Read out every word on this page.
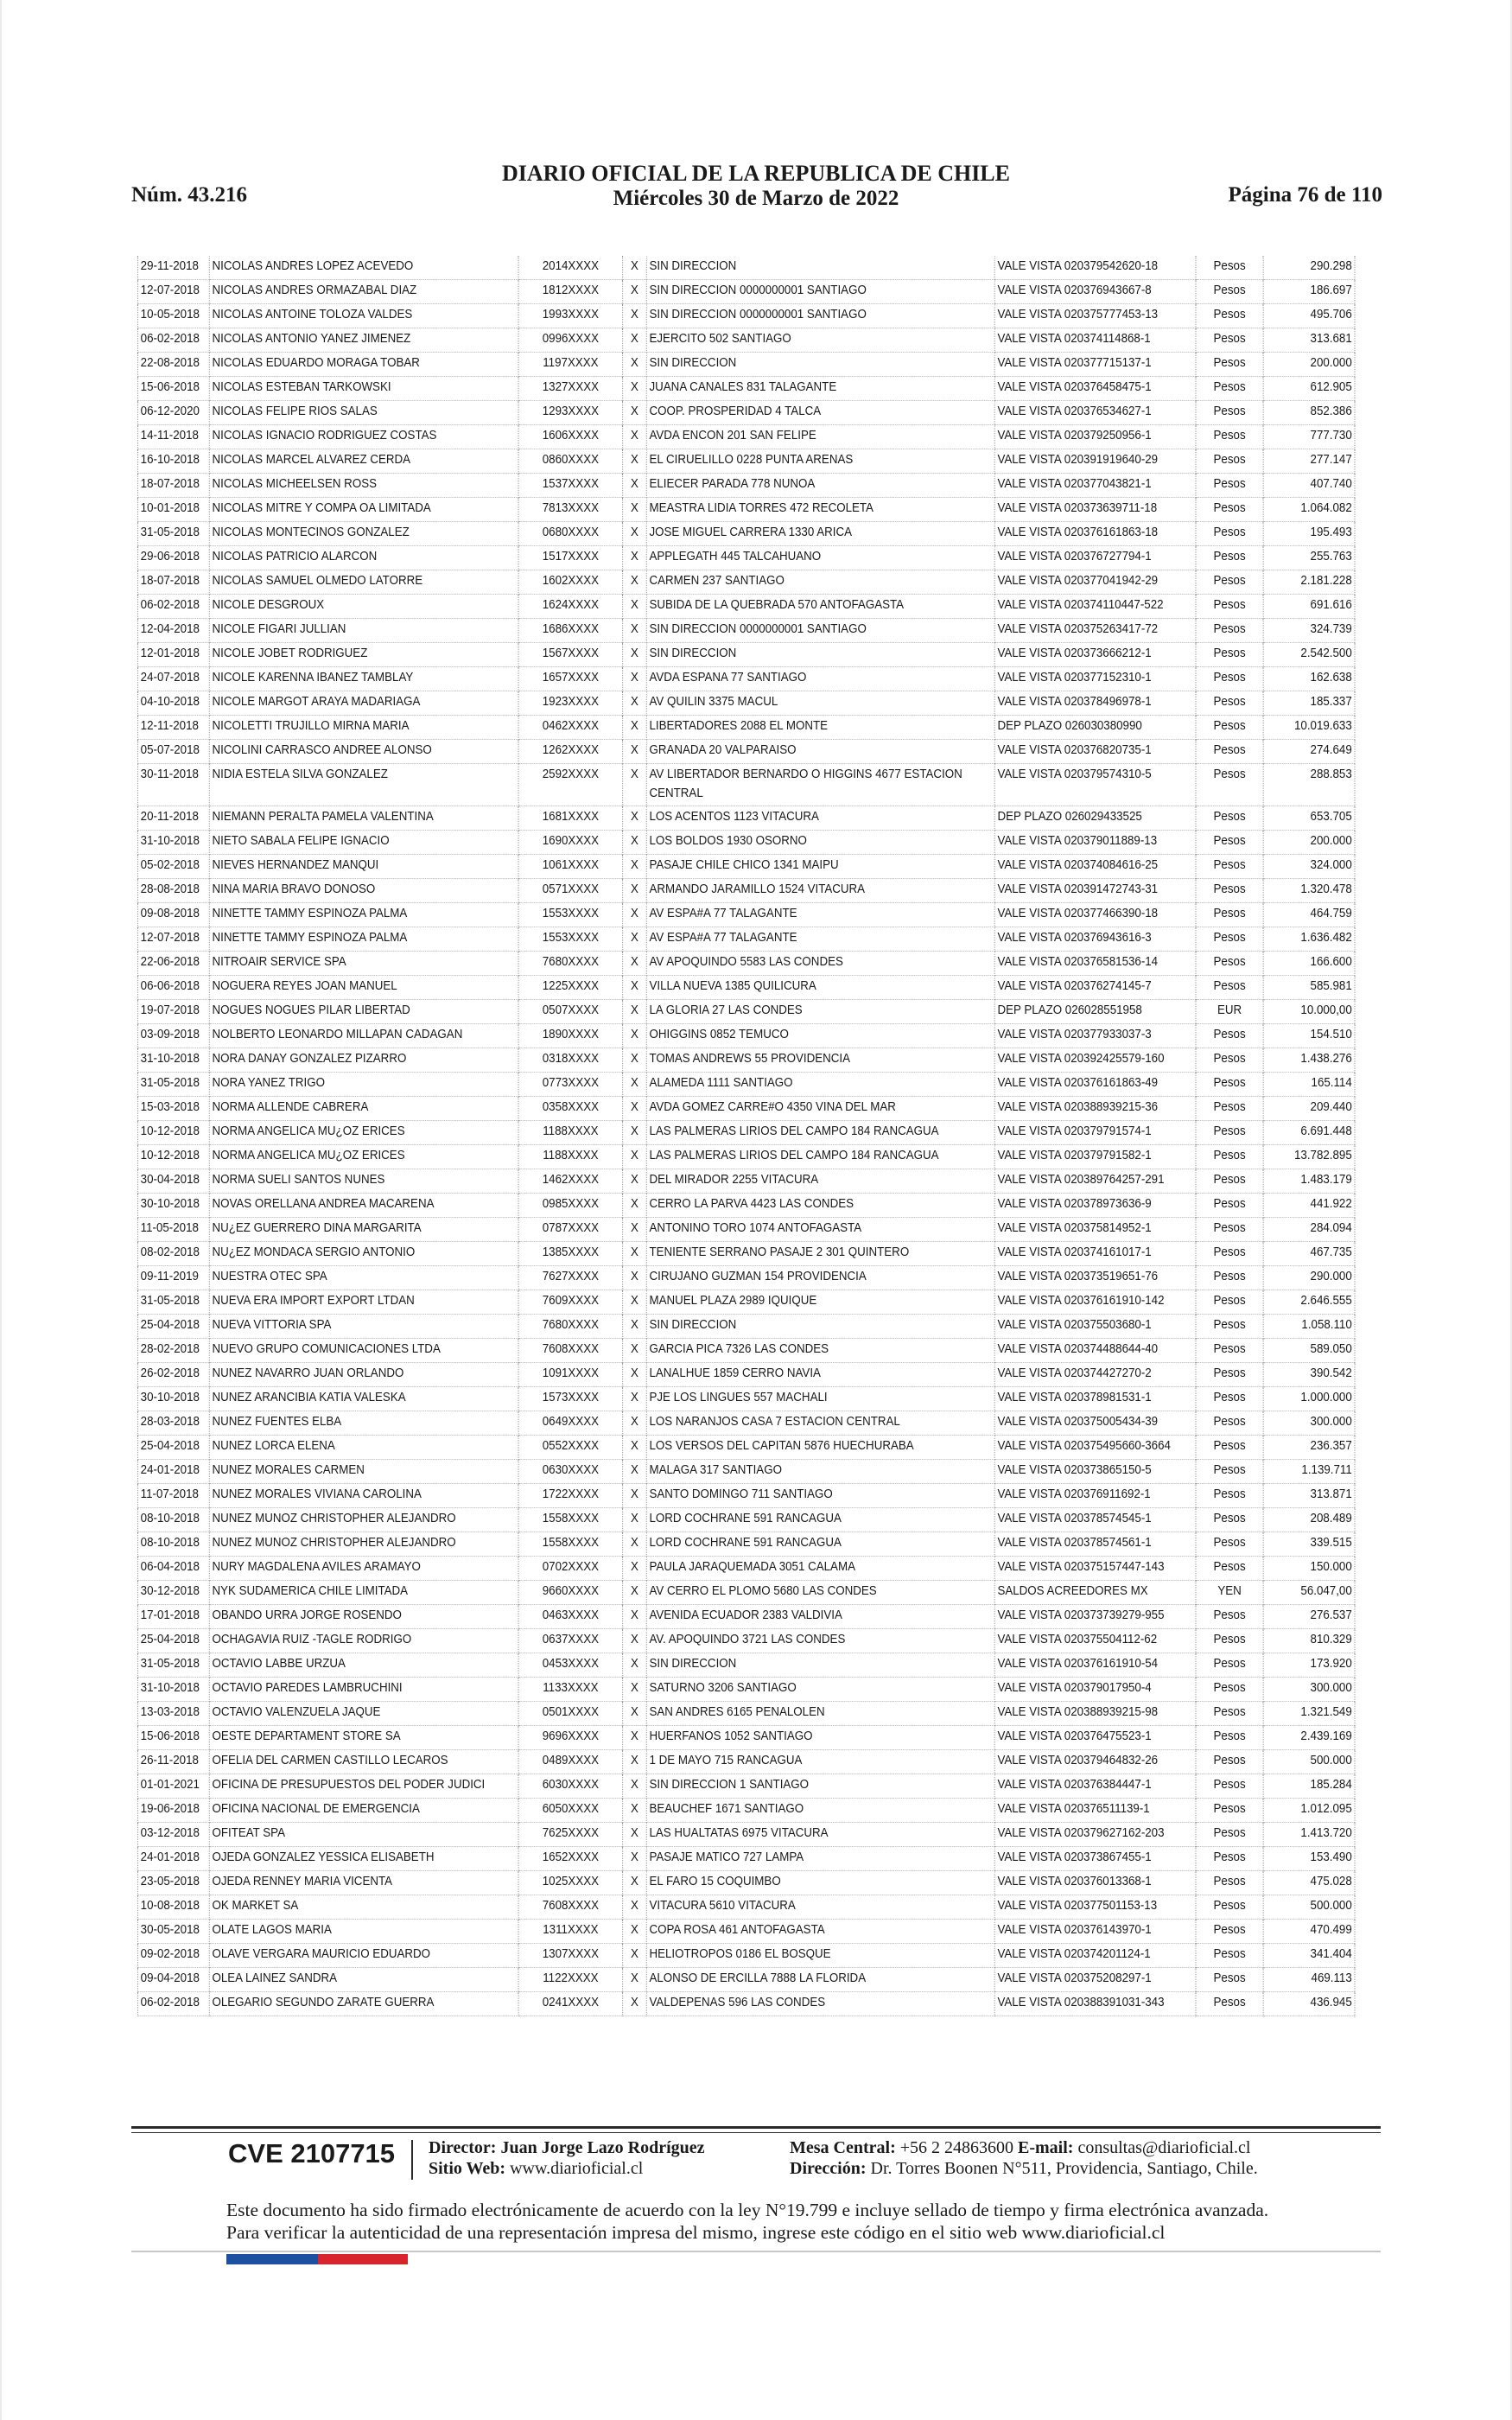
Núm. 43.216
DIARIO OFICIAL DE LA REPUBLICA DE CHILE
Miércoles 30 de Marzo de 2022	Página 76 de 110
29-11-2018	NICOLAS ANDRES LOPEZ ACEVEDO	2014XXXX	X	SIN DIRECCION	VALE VISTA 020379542620-18	Pesos	290.298
12-07-2018	NICOLAS ANDRES ORMAZABAL DIAZ	1812XXXX	X	SIN DIRECCION 0000000001 SANTIAGO	VALE VISTA 020376943667-8	Pesos	186.697
10-05-2018	NICOLAS ANTOINE TOLOZA VALDES	1993XXXX	X	SIN DIRECCION 0000000001 SANTIAGO	VALE VISTA 020375777453-13	Pesos	495.706
06-02-2018	NICOLAS ANTONIO YANEZ JIMENEZ	0996XXXX	X	EJERCITO 502 SANTIAGO	VALE VISTA 020374114868-1	Pesos	313.681
22-08-2018	NICOLAS EDUARDO MORAGA TOBAR	1197XXXX	X	SIN DIRECCION	VALE VISTA 020377715137-1	Pesos	200.000
15-06-2018	NICOLAS ESTEBAN TARKOWSKI	1327XXXX	X	JUANA CANALES 831 TALAGANTE	VALE VISTA 020376458475-1	Pesos	612.905
06-12-2020	NICOLAS FELIPE RIOS SALAS	1293XXXX	X	COOP. PROSPERIDAD 4 TALCA	VALE VISTA 020376534627-1	Pesos	852.386
14-11-2018	NICOLAS IGNACIO RODRIGUEZ COSTAS	1606XXXX	X	AVDA ENCON 201 SAN FELIPE	VALE VISTA 020379250956-1	Pesos	777.730
16-10-2018	NICOLAS MARCEL ALVAREZ CERDA	0860XXXX	X	EL CIRUELILLO 0228 PUNTA ARENAS	VALE VISTA 020391919640-29	Pesos	277.147
18-07-2018	NICOLAS MICHEELSEN ROSS	1537XXXX	X	ELIECER PARADA 778 NUNOA	VALE VISTA 020377043821-1	Pesos	407.740
10-01-2018	NICOLAS MITRE Y COMPA OA LIMITADA	7813XXXX	X	MEASTRA LIDIA TORRES 472 RECOLETA	VALE VISTA 020373639711-18	Pesos	1.064.082
31-05-2018	NICOLAS MONTECINOS GONZALEZ	0680XXXX	X	JOSE MIGUEL CARRERA 1330 ARICA	VALE VISTA 020376161863-18	Pesos	195.493
29-06-2018	NICOLAS PATRICIO ALARCON	1517XXXX	X	APPLEGATH 445 TALCAHUANO	VALE VISTA 020376727794-1	Pesos	255.763
18-07-2018	NICOLAS SAMUEL OLMEDO LATORRE	1602XXXX	X	CARMEN 237 SANTIAGO	VALE VISTA 020377041942-29	Pesos	2.181.228
06-02-2018	NICOLE DESGROUX	1624XXXX	X	SUBIDA DE LA QUEBRADA 570 ANTOFAGASTA	VALE VISTA 020374110447-522	Pesos	691.616
12-04-2018	NICOLE FIGARI JULLIAN	1686XXXX	X	SIN DIRECCION 0000000001 SANTIAGO	VALE VISTA 020375263417-72	Pesos	324.739
12-01-2018	NICOLE JOBET RODRIGUEZ	1567XXXX	X	SIN DIRECCION	VALE VISTA 020373666212-1	Pesos	2.542.500
24-07-2018	NICOLE KARENNA IBANEZ TAMBLAY	1657XXXX	X	AVDA ESPANA 77 SANTIAGO	VALE VISTA 020377152310-1	Pesos	162.638
04-10-2018	NICOLE MARGOT ARAYA MADARIAGA	1923XXXX	X	AV QUILIN 3375 MACUL	VALE VISTA 020378496978-1	Pesos	185.337
12-11-2018	NICOLETTI TRUJILLO MIRNA MARIA	0462XXXX	X	LIBERTADORES 2088 EL MONTE	DEP PLAZO 026030380990	Pesos	10.019.633
05-07-2018	NICOLINI CARRASCO ANDREE ALONSO	1262XXXX	X	GRANADA 20 VALPARAISO	VALE VISTA 020376820735-1	Pesos	274.649
30-11-2018	NIDIA ESTELA SILVA GONZALEZ	2592XXXX	X	AV LIBERTADOR BERNARDO O HIGGINS 4677 ESTACION CENTRAL	VALE VISTA 020379574310-5	Pesos	288.853
20-11-2018	NIEMANN PERALTA PAMELA VALENTINA	1681XXXX	X	LOS ACENTOS 1123 VITACURA	DEP PLAZO 026029433525	Pesos	653.705
31-10-2018	NIETO SABALA FELIPE IGNACIO	1690XXXX	X	LOS BOLDOS 1930 OSORNO	VALE VISTA 020379011889-13	Pesos	200.000
05-02-2018	NIEVES HERNANDEZ MANQUI	1061XXXX	X	PASAJE CHILE CHICO 1341 MAIPU	VALE VISTA 020374084616-25	Pesos	324.000
28-08-2018	NINA MARIA BRAVO DONOSO	0571XXXX	X	ARMANDO JARAMILLO 1524 VITACURA	VALE VISTA 020391472743-31	Pesos	1.320.478
09-08-2018	NINETTE TAMMY ESPINOZA PALMA	1553XXXX	X	AV ESPA#A 77 TALAGANTE	VALE VISTA 020377466390-18	Pesos	464.759
12-07-2018	NINETTE TAMMY ESPINOZA PALMA	1553XXXX	X	AV ESPA#A 77 TALAGANTE	VALE VISTA 020376943616-3	Pesos	1.636.482
22-06-2018	NITROAIR SERVICE SPA	7680XXXX	X	AV APOQUINDO 5583 LAS CONDES	VALE VISTA 020376581536-14	Pesos	166.600
06-06-2018	NOGUERA REYES JOAN MANUEL	1225XXXX	X	VILLA NUEVA 1385 QUILICURA	VALE VISTA 020376274145-7	Pesos	585.981
19-07-2018	NOGUES NOGUES PILAR LIBERTAD	0507XXXX	X	LA GLORIA 27 LAS CONDES	DEP PLAZO 026028551958	EUR	10.000,00
03-09-2018	NOLBERTO LEONARDO MILLAPAN CADAGAN	1890XXXX	X	OHIGGINS 0852 TEMUCO	VALE VISTA 020377933037-3	Pesos	154.510
31-10-2018	NORA DANAY GONZALEZ PIZARRO	0318XXXX	X	TOMAS ANDREWS 55 PROVIDENCIA	VALE VISTA 020392425579-160	Pesos	1.438.276
31-05-2018	NORA YANEZ TRIGO	0773XXXX	X	ALAMEDA 1111 SANTIAGO	VALE VISTA 020376161863-49	Pesos	165.114
15-03-2018	NORMA ALLENDE CABRERA	0358XXXX	X	AVDA GOMEZ CARRE#O 4350 VINA DEL MAR	VALE VISTA 020388939215-36	Pesos	209.440
10-12-2018	NORMA ANGELICA MU¿OZ ERICES	1188XXXX	X	LAS PALMERAS LIRIOS DEL CAMPO 184 RANCAGUA	VALE VISTA 020379791574-1	Pesos	6.691.448
10-12-2018	NORMA ANGELICA MU¿OZ ERICES	1188XXXX	X	LAS PALMERAS LIRIOS DEL CAMPO 184 RANCAGUA	VALE VISTA 020379791582-1	Pesos	13.782.895
30-04-2018	NORMA SUELI SANTOS NUNES	1462XXXX	X	DEL MIRADOR 2255 VITACURA	VALE VISTA 020389764257-291	Pesos	1.483.179
30-10-2018	NOVAS ORELLANA ANDREA MACARENA	0985XXXX	X	CERRO LA PARVA 4423 LAS CONDES	VALE VISTA 020378973636-9	Pesos	441.922
11-05-2018	NU¿EZ GUERRERO DINA MARGARITA	0787XXXX	X	ANTONINO TORO 1074 ANTOFAGASTA	VALE VISTA 020375814952-1	Pesos	284.094
08-02-2018	NU¿EZ MONDACA SERGIO ANTONIO	1385XXXX	X	TENIENTE SERRANO PASAJE 2 301 QUINTERO	VALE VISTA 020374161017-1	Pesos	467.735
09-11-2019	NUESTRA OTEC SPA	7627XXXX	X	CIRUJANO GUZMAN 154 PROVIDENCIA	VALE VISTA 020373519651-76	Pesos	290.000
31-05-2018	NUEVA ERA IMPORT EXPORT LTDAN	7609XXXX	X	MANUEL PLAZA 2989 IQUIQUE	VALE VISTA 020376161910-142	Pesos	2.646.555
25-04-2018	NUEVA VITTORIA SPA	7680XXXX	X	SIN DIRECCION	VALE VISTA 020375503680-1	Pesos	1.058.110
28-02-2018	NUEVO GRUPO COMUNICACIONES LTDA	7608XXXX	X	GARCIA PICA 7326 LAS CONDES	VALE VISTA 020374488644-40	Pesos	589.050
26-02-2018	NUNEZ NAVARRO JUAN ORLANDO	1091XXXX	X	LANALHUE 1859 CERRO NAVIA	VALE VISTA 020374427270-2	Pesos	390.542
30-10-2018	NUNEZ ARANCIBIA KATIA VALESKA	1573XXXX	X	PJE LOS LINGUES 557 MACHALI	VALE VISTA 020378981531-1	Pesos	1.000.000
28-03-2018	NUNEZ FUENTES ELBA	0649XXXX	X	LOS NARANJOS CASA 7 ESTACION CENTRAL	VALE VISTA 020375005434-39	Pesos	300.000
25-04-2018	NUNEZ LORCA ELENA	0552XXXX	X	LOS VERSOS DEL CAPITAN 5876 HUECHURABA	VALE VISTA 020375495660-3664	Pesos	236.357
24-01-2018	NUNEZ MORALES CARMEN	0630XXXX	X	MALAGA 317 SANTIAGO	VALE VISTA 020373865150-5	Pesos	1.139.711
11-07-2018	NUNEZ MORALES VIVIANA CAROLINA	1722XXXX	X	SANTO DOMINGO 711 SANTIAGO	VALE VISTA 020376911692-1	Pesos	313.871
08-10-2018	NUNEZ MUNOZ CHRISTOPHER ALEJANDRO	1558XXXX	X	LORD COCHRANE 591 RANCAGUA	VALE VISTA 020378574545-1	Pesos	208.489
08-10-2018	NUNEZ MUNOZ CHRISTOPHER ALEJANDRO	1558XXXX	X	LORD COCHRANE 591 RANCAGUA	VALE VISTA 020378574561-1	Pesos	339.515
06-04-2018	NURY MAGDALENA AVILES ARAMAYO	0702XXXX	X	PAULA JARAQUEMADA 3051 CALAMA	VALE VISTA 020375157447-143	Pesos	150.000
30-12-2018	NYK SUDAMERICA CHILE LIMITADA	9660XXXX	X	AV CERRO EL PLOMO 5680 LAS CONDES	SALDOS ACREEDORES MX	YEN	56.047,00
17-01-2018	OBANDO URRA JORGE ROSENDO	0463XXXX	X	AVENIDA ECUADOR 2383 VALDIVIA	VALE VISTA 020373739279-955	Pesos	276.537
25-04-2018	OCHAGAVIA RUIZ -TAGLE RODRIGO	0637XXXX	X	AV. APOQUINDO 3721 LAS CONDES	VALE VISTA 020375504112-62	Pesos	810.329
31-05-2018	OCTAVIO LABBE URZUA	0453XXXX	X	SIN DIRECCION	VALE VISTA 020376161910-54	Pesos	173.920
31-10-2018	OCTAVIO PAREDES LAMBRUCHINI	1133XXXX	X	SATURNO 3206 SANTIAGO	VALE VISTA 020379017950-4	Pesos	300.000
13-03-2018	OCTAVIO VALENZUELA JAQUE	0501XXXX	X	SAN ANDRES 6165 PENALOLEN	VALE VISTA 020388939215-98	Pesos	1.321.549
15-06-2018	OESTE DEPARTAMENT STORE SA	9696XXXX	X	HUERFANOS 1052 SANTIAGO	VALE VISTA 020376475523-1	Pesos	2.439.169
26-11-2018	OFELIA DEL CARMEN CASTILLO LECAROS	0489XXXX	X	1 DE MAYO 715 RANCAGUA	VALE VISTA 020379464832-26	Pesos	500.000
01-01-2021	OFICINA DE PRESUPUESTOS DEL PODER JUDICI	6030XXXX	X	SIN DIRECCION 1 SANTIAGO	VALE VISTA 020376384447-1	Pesos	185.284
19-06-2018	OFICINA NACIONAL DE EMERGENCIA	6050XXXX	X	BEAUCHEF 1671 SANTIAGO	VALE VISTA 020376511139-1	Pesos	1.012.095
03-12-2018	OFITEAT SPA	7625XXXX	X	LAS HUALTATAS 6975 VITACURA	VALE VISTA 020379627162-203	Pesos	1.413.720
24-01-2018	OJEDA GONZALEZ YESSICA ELISABETH	1652XXXX	X	PASAJE MATICO 727 LAMPA	VALE VISTA 020373867455-1	Pesos	153.490
23-05-2018	OJEDA RENNEY MARIA VICENTA	1025XXXX	X	EL FARO 15 COQUIMBO	VALE VISTA 020376013368-1	Pesos	475.028
10-08-2018	OK MARKET SA	7608XXXX	X	VITACURA 5610 VITACURA	VALE VISTA 020377501153-13	Pesos	500.000
30-05-2018	OLATE LAGOS MARIA	1311XXXX	X	COPA ROSA 461 ANTOFAGASTA	VALE VISTA 020376143970-1	Pesos	470.499
09-02-2018	OLAVE VERGARA MAURICIO EDUARDO	1307XXXX	X	HELIOTROPOS 0186 EL BOSQUE	VALE VISTA 020374201124-1	Pesos	341.404
09-04-2018	OLEA LAINEZ SANDRA	1122XXXX	X	ALONSO DE ERCILLA 7888 LA FLORIDA	VALE VISTA 020375208297-1	Pesos	469.113
06-02-2018	OLEGARIO SEGUNDO ZARATE GUERRA	0241XXXX	X	VALDEPENAS 596 LAS CONDES	VALE VISTA 020388391031-343	Pesos	436.945
CVE 2107715 Director: Juan Jorge Lazo Rodríguez
Sitio Web: www.diarioficial.cl
Mesa Central: +56 2 24863600 E-mail: consultas@diarioficial.cl
Dirección: Dr. Torres Boonen N°511, Providencia, Santiago, Chile.
Este documento ha sido firmado electrónicamente de acuerdo con la ley N°19.799 e incluye sellado de tiempo y firma electrónica avanzada. Para verificar la autenticidad de una representación impresa del mismo, ingrese este código en el sitio web www.diarioficial.cl
